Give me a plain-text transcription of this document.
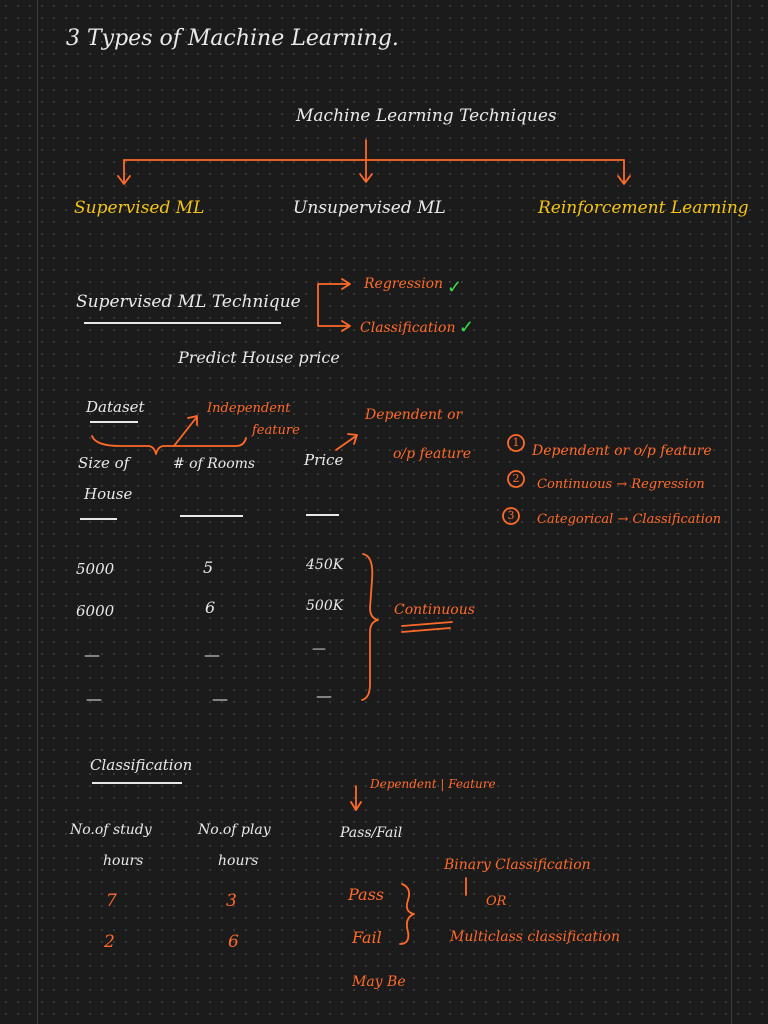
3 Types of Machine Learning.
Machine Learning Techniques
Supervised ML	Unsupervised ML	Reinforcement Learning
Supervised ML Technique
Regression ✓
Classification ✓
Predict House price
Dataset	Independent
feature
Dependent or
o/p feature
Size of
House
# of Rooms	Price
5000	5	450K
6000	6	500K
—	—	—
—	—	—
Continuous
Dependent or o/p feature
Continuous → Regression
Categorical → Classification
1
2
3
Classification
Dependent | Feature
No.of study
hours
No.of play
hours
Pass/Fail
7	3	Pass
2	6	Fail
May Be
Binary Classification
OR
Multiclass classification
